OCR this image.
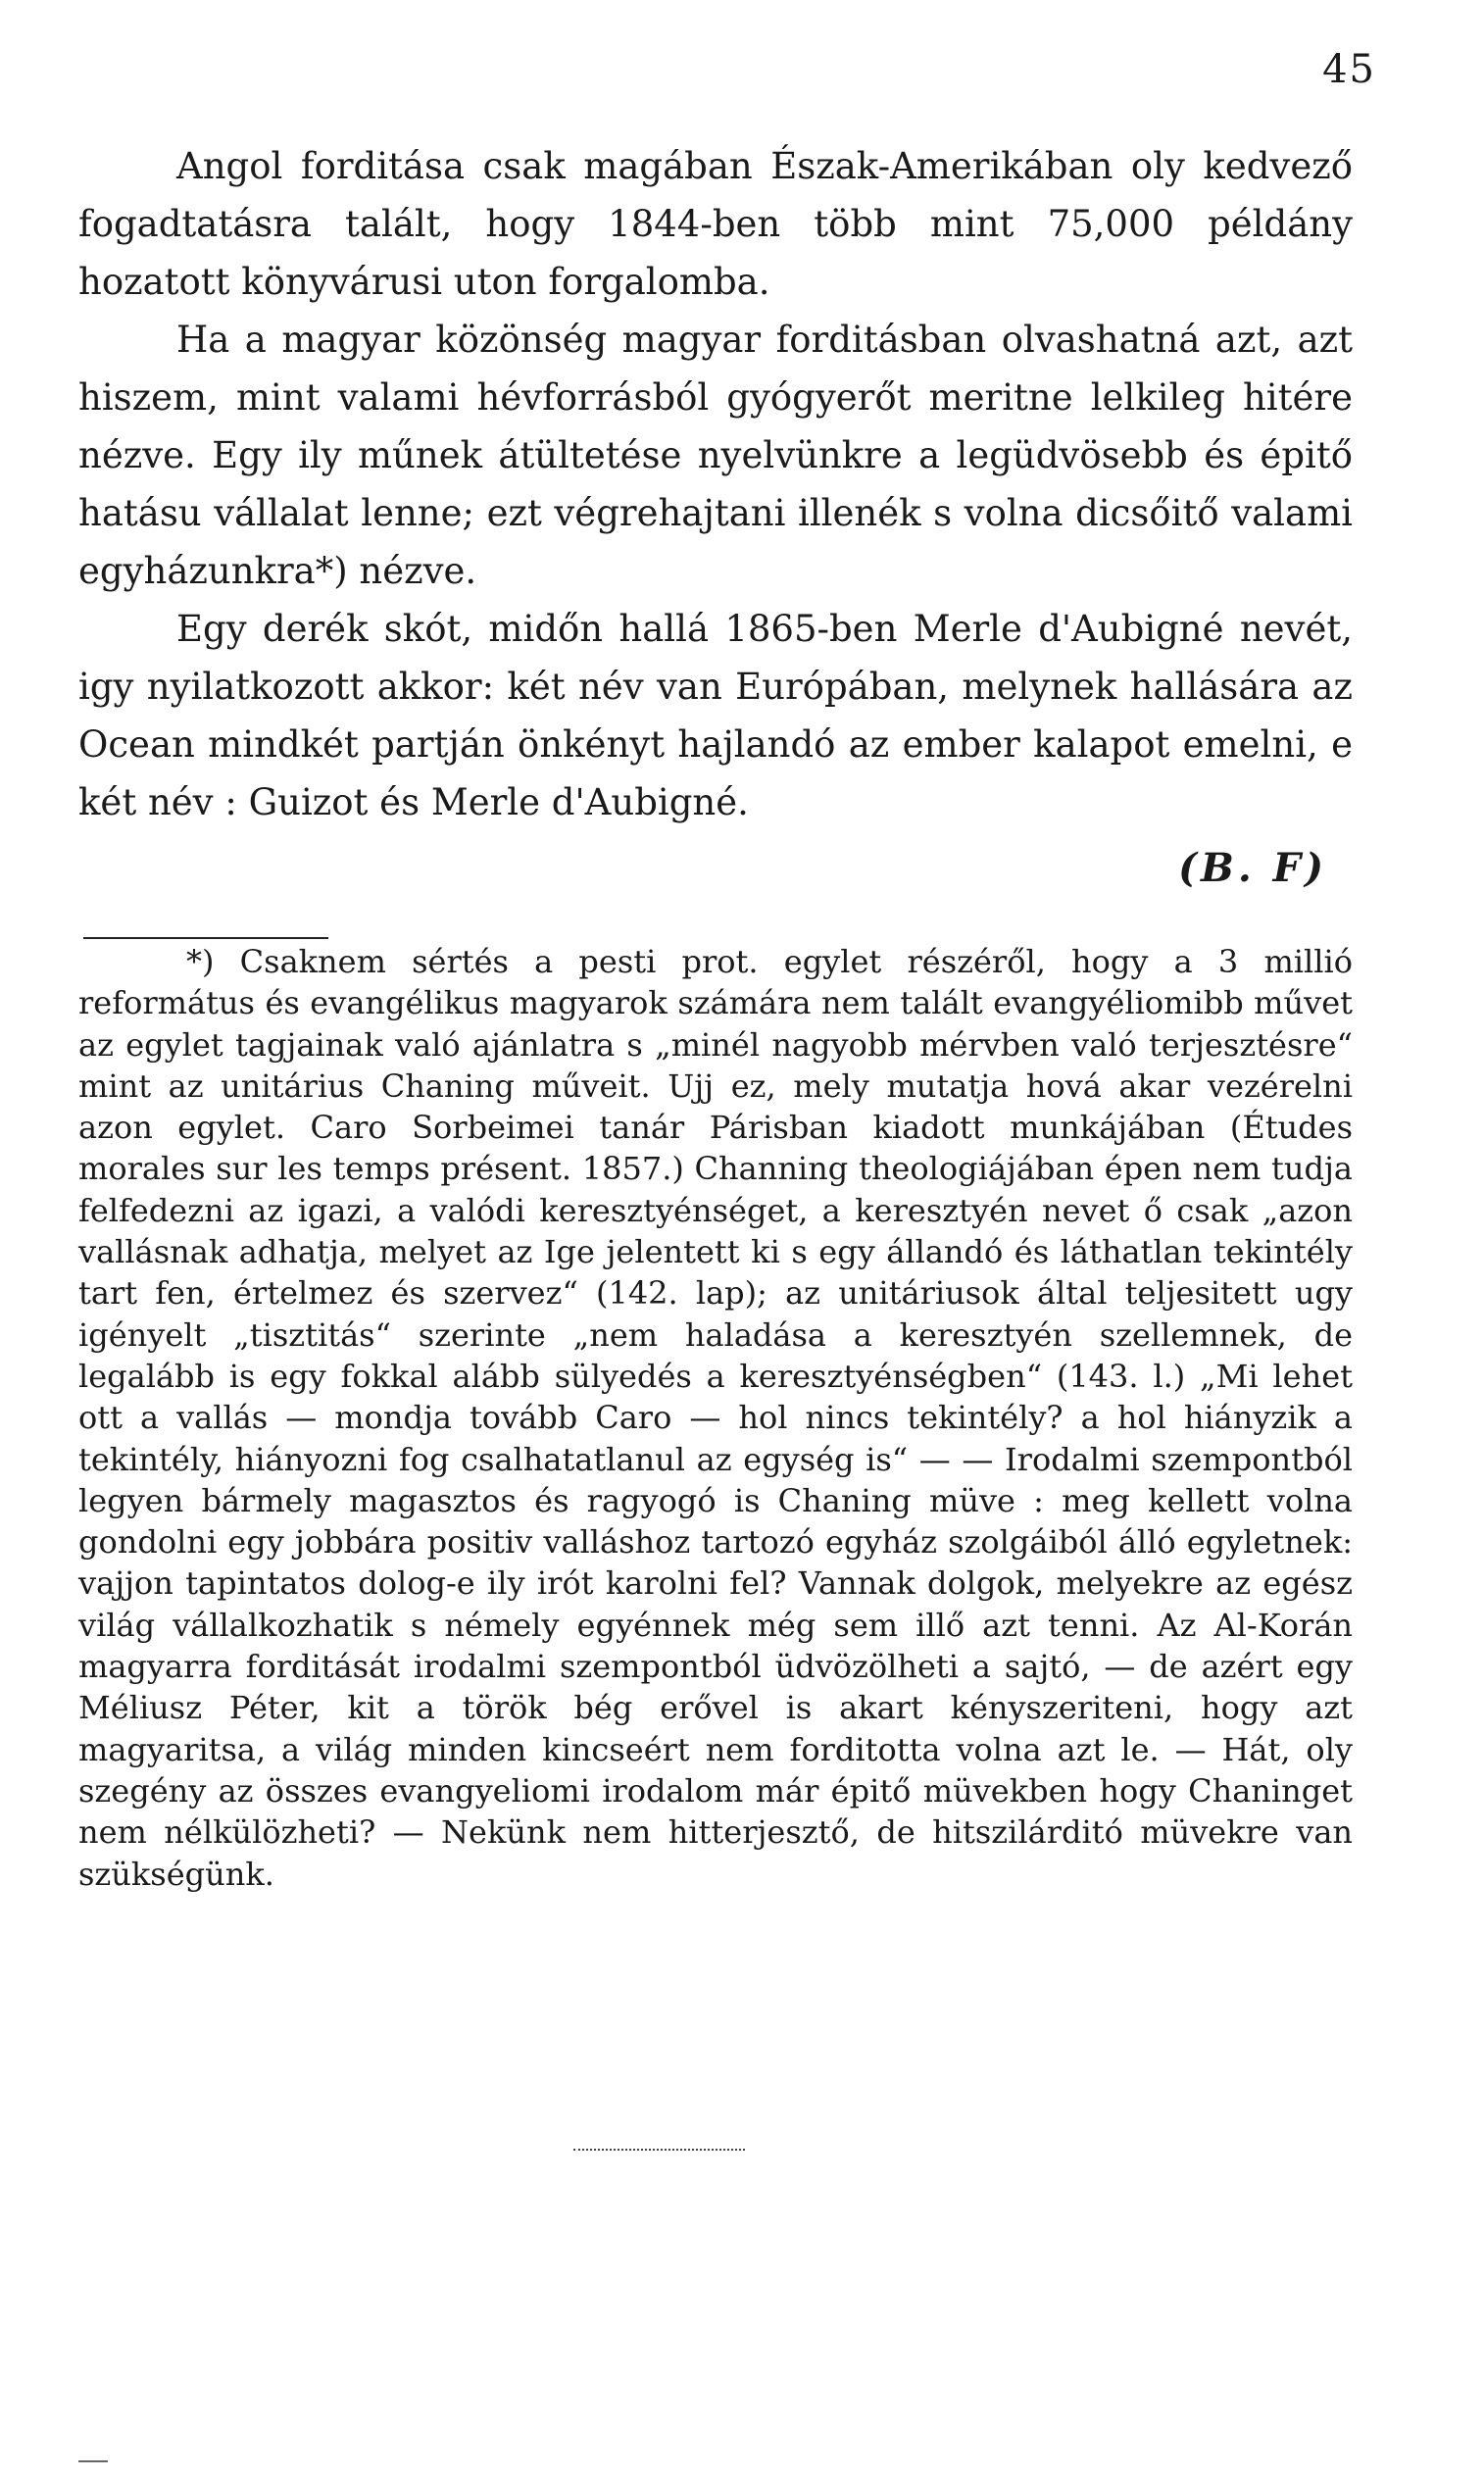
45

Angol forditása csak magában Észak-Amerikában oly kedvező fogadtatásra talált, hogy 1844-ben több mint 75,000 példány hozatott könyvárusi uton forgalomba.

Ha a magyar közönség magyar forditásban olvashatná azt, azt hiszem, mint valami hévforrásból gyógyerőt meritne lelkileg hitére nézve. Egy ily műnek átültetése nyelvünkre a legüdvösebb és épitő hatásu vállalat lenne; ezt végrehajtani illenék s volna dicsőitő valami egyházunkra*) nézve.

Egy derék skót, midőn hallá 1865-ben Merle d'Aubigné nevét, igy nyilatkozott akkor: két név van Európában, melynek hallására az Ocean mindkét partján önkényt hajlandó az ember kalapot emelni, e két név : Guizot és Merle d'Aubigné.

(B. F)

*) Csaknem sértés a pesti prot. egylet részéről, hogy a 3 millió református és evangélikus magyarok számára nem talált evangyéliomibb művet az egylet tagjainak való ajánlatra s „minél nagyobb mérvben való terjesztésre“ mint az unitárius Chaning műveit. Ujj ez, mely mutatja hová akar vezérelni azon egylet. Caro Sorbeimei tanár Párisban kiadott munkájában (Études morales sur les temps présent. 1857.) Channing theologiájában épen nem tudja felfedezni az igazi, a valódi keresztyénséget, a keresztyén nevet ő csak „azon vallásnak adhatja, melyet az Ige jelentett ki s egy állandó és láthatlan tekintély tart fen, értelmez és szervez“ (142. lap); az unitáriusok által teljesitett ugy igényelt „tisztitás“ szerinte „nem haladása a keresztyén szellemnek, de legalább is egy fokkal alább sülyedés a keresztyénségben“ (143. l.) „Mi lehet ott a vallás — mondja tovább Caro — hol nincs tekintély? a hol hiányzik a tekintély, hiányozni fog csalhatatlanul az egység is“ — — Irodalmi szempontból legyen bármely magasztos és ragyogó is Chaning müve : meg kellett volna gondolni egy jobbára positiv valláshoz tartozó egyház szolgáiból álló egyletnek: vajjon tapintatos dolog-e ily irót karolni fel? Vannak dolgok, melyekre az egész világ vállalkozhatik s némely egyénnek még sem illő azt tenni. Az Al-Korán magyarra forditását irodalmi szempontból üdvözölheti a sajtó, — de azért egy Méliusz Péter, kit a török bég erővel is akart kényszeriteni, hogy azt magyaritsa, a világ minden kincseért nem forditotta volna azt le. — Hát, oly szegény az összes evangyeliomi irodalom már épitő müvekben hogy Chaninget nem nélkülözheti? — Nekünk nem hitterjesztő, de hitszilárditó müvekre van szükségünk.
